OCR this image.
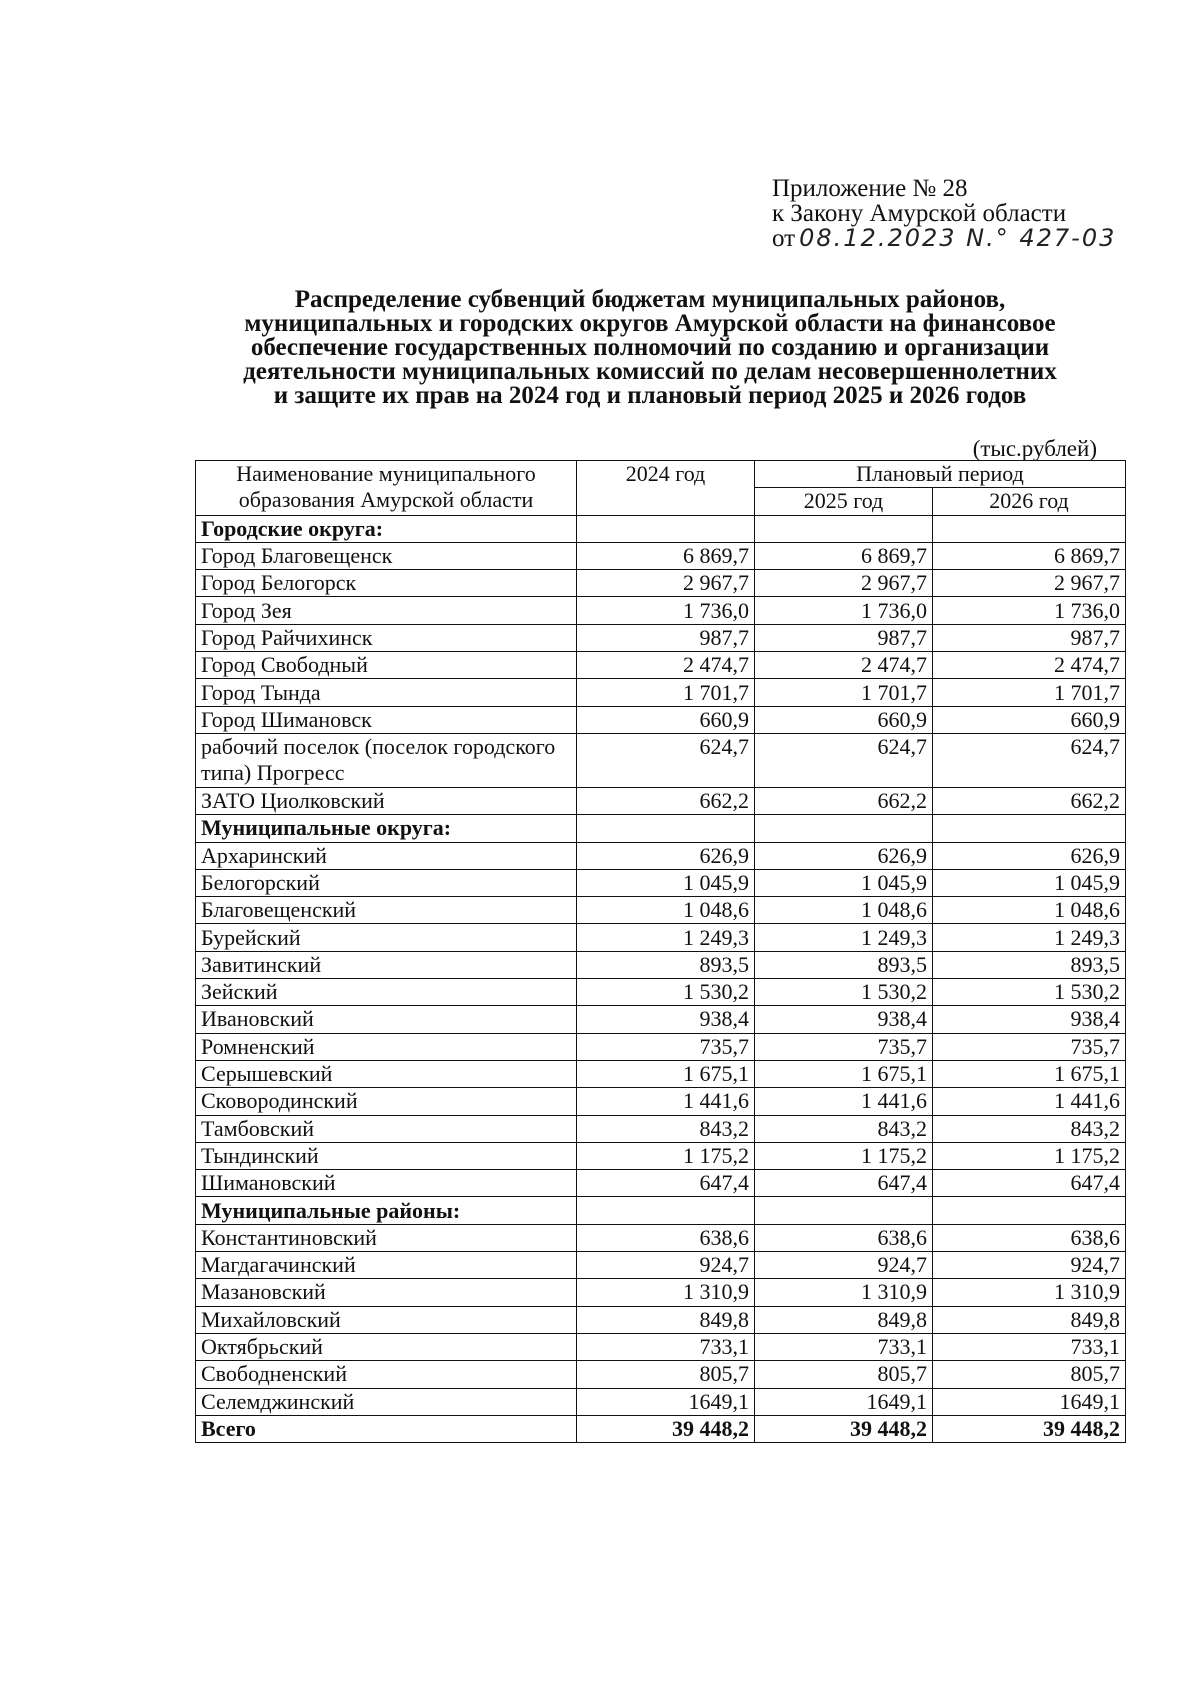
Приложение № 28
к Закону Амурской области
от 08.12.2023 N.° 427-03
Распределение субвенций бюджетам муниципальных районов,
муниципальных и городских округов Амурской области на финансовое
обеспечение государственных полномочий по созданию и организации
деятельности муниципальных комиссий по делам несовершеннолетних
и защите их прав на 2024 год и плановый период 2025 и 2026 годов
(тыс.рублей)
Наименование муниципального
образования Амурской области	2024 год	Плановый период	
		2025 год	2026 год
Городские округа:			
Город Благовещенск	6 869,7	6 869,7	6 869,7
Город Белогорск	2 967,7	2 967,7	2 967,7
Город Зея	1 736,0	1 736,0	1 736,0
Город Райчихинск	987,7	987,7	987,7
Город Свободный	2 474,7	2 474,7	2 474,7
Город Тында	1 701,7	1 701,7	1 701,7
Город Шимановск	660,9	660,9	660,9
рабочий поселок (поселок городского типа) Прогресс	624,7	624,7	624,7
ЗАТО Циолковский	662,2	662,2	662,2
Муниципальные округа:			
Архаринский	626,9	626,9	626,9
Белогорский	1 045,9	1 045,9	1 045,9
Благовещенский	1 048,6	1 048,6	1 048,6
Бурейский	1 249,3	1 249,3	1 249,3
Завитинский	893,5	893,5	893,5
Зейский	1 530,2	1 530,2	1 530,2
Ивановский	938,4	938,4	938,4
Ромненский	735,7	735,7	735,7
Серышевский	1 675,1	1 675,1	1 675,1
Сковородинский	1 441,6	1 441,6	1 441,6
Тамбовский	843,2	843,2	843,2
Тындинский	1 175,2	1 175,2	1 175,2
Шимановский	647,4	647,4	647,4
Муниципальные районы:			
Константиновский	638,6	638,6	638,6
Магдагачинский	924,7	924,7	924,7
Мазановский	1 310,9	1 310,9	1 310,9
Михайловский	849,8	849,8	849,8
Октябрьский	733,1	733,1	733,1
Свободненский	805,7	805,7	805,7
Селемджинский	1649,1	1649,1	1649,1
Всего	39 448,2	39 448,2	39 448,2
